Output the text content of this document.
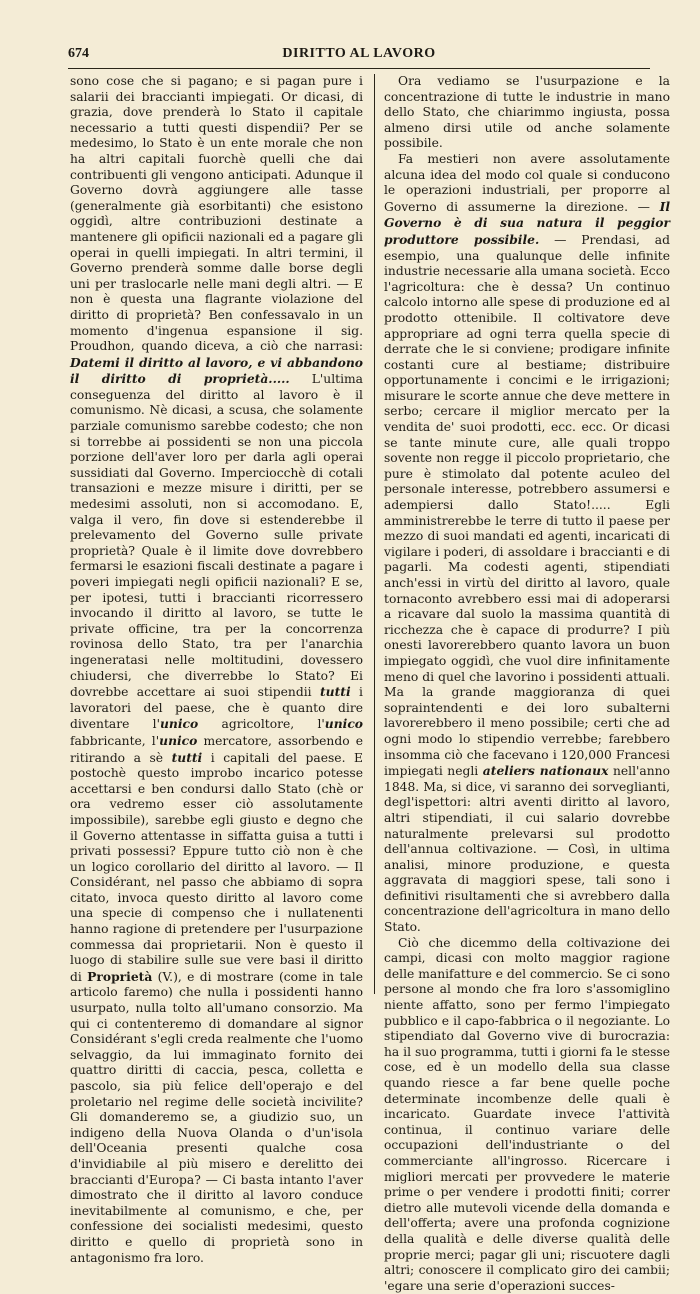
674	DIRITTO AL LAVORO

sono cose che si pagano; e si pagan pure i salarii dei braccianti impiegati. Or dicasi, di grazia, dove prenderà lo Stato il capitale necessario a tutti questi dispendii? Per se medesimo, lo Stato è un ente morale che non ha altri capitali fuorchè quelli che dai contribuenti gli vengono anticipati. Adunque il Governo dovrà aggiungere alle tasse (generalmente già esorbitanti) che esistono oggidì, altre contribuzioni destinate a mantenere gli opificii nazionali ed a pagare gli operai in quelli impiegati. In altri termini, il Governo prenderà somme dalle borse degli uni per traslocarle nelle mani degli altri. — E non è questa una flagrante violazione del diritto di proprietà? Ben confessavalo in un momento d'ingenua espansione il sig. Proudhon, quando diceva, a ciò che narrasi: Datemi il diritto al lavoro, e vi abbandono il diritto di proprietà..... L'ultima conseguenza del diritto al lavoro è il comunismo. Nè dicasi, a scusa, che solamente parziale comunismo sarebbe codesto; che non si torrebbe ai possidenti se non una piccola porzione dell'aver loro per darla agli operai sussidiati dal Governo. Imperciocchè di cotali transazioni e mezze misure i diritti, per se medesimi assoluti, non si accomodano. E, valga il vero, fin dove si estenderebbe il prelevamento del Governo sulle private proprietà? Quale è il limite dove dovrebbero fermarsi le esazioni fiscali destinate a pagare i poveri impiegati negli opificii nazionali? E se, per ipotesi, tutti i braccianti ricorressero invocando il diritto al lavoro, se tutte le private officine, tra per la concorrenza rovinosa dello Stato, tra per l'anarchia ingeneratasi nelle moltitudini, dovessero chiudersi, che diverrebbe lo Stato? Ei dovrebbe accettare ai suoi stipendii tutti i lavoratori del paese, che è quanto dire diventare l'unico agricoltore, l'unico fabbricante, l'unico mercatore, assorbendo e ritirando a sè tutti i capitali del paese. E postochè questo improbo incarico potesse accettarsi e ben condursi dallo Stato (chè or ora vedremo esser ciò assolutamente impossibile), sarebbe egli giusto e degno che il Governo attentasse in siffatta guisa a tutti i privati possessi? Eppure tutto ciò non è che un logico corollario del diritto al lavoro. — Il Considérant, nel passo che abbiamo di sopra citato, invoca questo diritto al lavoro come una specie di compenso che i nullatenenti hanno ragione di pretendere per l'usurpazione commessa dai proprietarii. Non è questo il luogo di stabilire sulle sue vere basi il diritto di Proprietà (V.), e di mostrare (come in tale articolo faremo) che nulla i possidenti hanno usurpato, nulla tolto all'umano consorzio. Ma qui ci contenteremo di domandare al signor Considérant s'egli creda realmente che l'uomo selvaggio, da lui immaginato fornito dei quattro diritti di caccia, pesca, colletta e pascolo, sia più felice dell'operajo e del proletario nel regime delle società incivilite? Gli domanderemo se, a giudizio suo, un indigeno della Nuova Olanda o d'un'isola dell'Oceania presenti qualche cosa d'invidiabile al più misero e derelitto dei braccianti d'Europa? — Ci basta intanto l'aver dimostrato che il diritto al lavoro conduce inevitabilmente al comunismo, e che, per confessione dei socialisti medesimi, questo diritto e quello di proprietà sono in antagonismo fra loro.

Ora vediamo se l'usurpazione e la concentrazione di tutte le industrie in mano dello Stato, che chiarimmo ingiusta, possa almeno dirsi utile od anche solamente possibile.

Fa mestieri non avere assolutamente alcuna idea del modo col quale si conducono le operazioni industriali, per proporre al Governo di assumerne la direzione. — Il Governo è di sua natura il peggior produttore possibile. — Prendasi, ad esempio, una qualunque delle infinite industrie necessarie alla umana società. Ecco l'agricoltura: che è dessa? Un continuo calcolo intorno alle spese di produzione ed al prodotto ottenibile. Il coltivatore deve appropriare ad ogni terra quella specie di derrate che le si conviene; prodigare infinite costanti cure al bestiame; distribuire opportunamente i concimi e le irrigazioni; misurare le scorte annue che deve mettere in serbo; cercare il miglior mercato per la vendita de' suoi prodotti, ecc. ecc. Or dicasi se tante minute cure, alle quali troppo sovente non regge il piccolo proprietario, che pure è stimolato dal potente aculeo del personale interesse, potrebbero assumersi e adempiersi dallo Stato!..... Egli amministrerebbe le terre di tutto il paese per mezzo di suoi mandati ed agenti, incaricati di vigilare i poderi, di assoldare i braccianti e di pagarli. Ma codesti agenti, stipendiati anch'essi in virtù del diritto al lavoro, quale tornaconto avrebbero essi mai di adoperarsi a ricavare dal suolo la massima quantità di ricchezza che è capace di produrre? I più onesti lavorerebbero quanto lavora un buon impiegato oggidì, che vuol dire infinitamente meno di quel che lavorino i possidenti attuali. Ma la grande maggioranza di quei sopraintendenti e dei loro subalterni lavorerebbero il meno possibile; certi che ad ogni modo lo stipendio verrebbe; farebbero insomma ciò che facevano i 120,000 Francesi impiegati negli ateliers nationaux nell'anno 1848. Ma, si dice, vi saranno dei sorveglianti, degl'ispettori: altri aventi diritto al lavoro, altri stipendiati, il cui salario dovrebbe naturalmente prelevarsi sul prodotto dell'annua coltivazione. — Così, in ultima analisi, minore produzione, e questa aggravata di maggiori spese, tali sono i definitivi risultamenti che si avrebbero dalla concentrazione dell'agricoltura in mano dello Stato.

Ciò che dicemmo della coltivazione dei campi, dicasi con molto maggior ragione delle manifatture e del commercio. Se ci sono persone al mondo che fra loro s'assomiglino niente affatto, sono per fermo l'impiegato pubblico e il capo-fabbrica o il negoziante. Lo stipendiato dal Governo vive di burocrazia: ha il suo programma, tutti i giorni fa le stesse cose, ed è un modello della sua classe quando riesce a far bene quelle poche determinate incombenze delle quali è incaricato. Guardate invece l'attività continua, il continuo variare delle occupazioni dell'industriante o del commerciante all'ingrosso. Ricercare i migliori mercati per provvedere le materie prime o per vendere i prodotti finiti; correr dietro alle mutevoli vicende della domanda e dell'offerta; avere una profonda cognizione della qualità e delle diverse qualità delle proprie merci; pagar gli uni; riscuotere dagli altri; conoscere il complicato giro dei cambii; 'egare una serie d'operazioni succes-
